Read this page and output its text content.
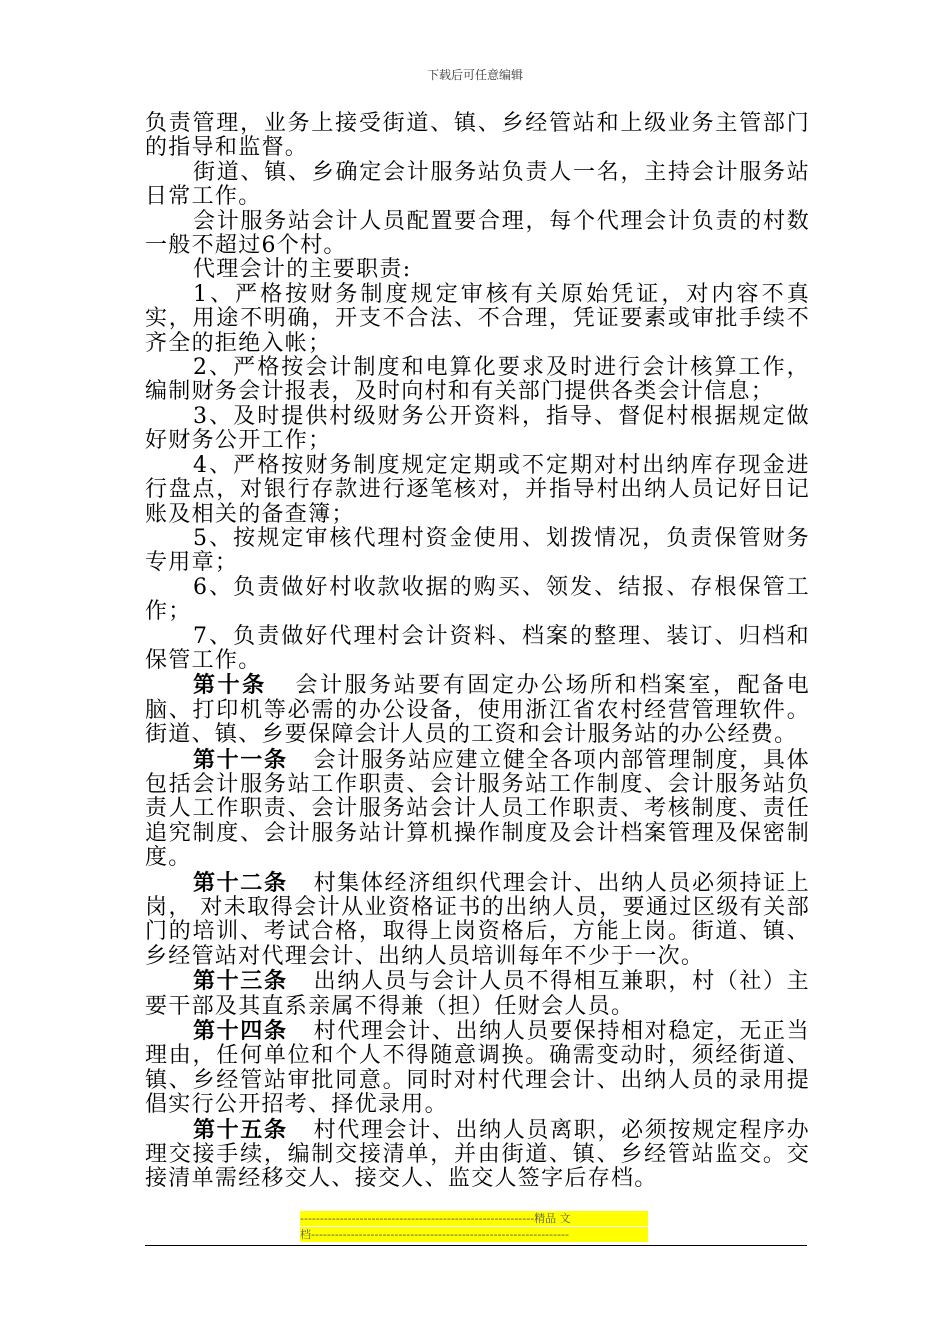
下载后可任意编辑

负责管理，业务上接受街道、镇、乡经管站和上级业务主管部门的指导和监督。

街道、镇、乡确定会计服务站负责人一名，主持会计服务站日常工作。

会计服务站会计人员配置要合理，每个代理会计负责的村数一般不超过6个村。

代理会计的主要职责:

1、严格按财务制度规定审核有关原始凭证，对内容不真实，用途不明确，开支不合法、不合理，凭证要素或审批手续不齐全的拒绝入帐；

2、严格按会计制度和电算化要求及时进行会计核算工作，编制财务会计报表，及时向村和有关部门提供各类会计信息；

3、及时提供村级财务公开资料，指导、督促村根据规定做好财务公开工作；

4、严格按财务制度规定定期或不定期对村出纳库存现金进行盘点，对银行存款进行逐笔核对，并指导村出纳人员记好日记账及相关的备查簿；

5、按规定审核代理村资金使用、划拨情况，负责保管财务专用章；

6、负责做好村收款收据的购买、领发、结报、存根保管工作；

7、负责做好代理村会计资料、档案的整理、装订、归档和保管工作。

第十条 会计服务站要有固定办公场所和档案室，配备电脑、打印机等必需的办公设备，使用浙江省农村经营管理软件。街道、镇、乡要保障会计人员的工资和会计服务站的办公经费。

第十一条 会计服务站应建立健全各项内部管理制度，具体包括会计服务站工作职责、会计服务站工作制度、会计服务站负责人工作职责、会计服务站会计人员工作职责、考核制度、责任追究制度、会计服务站计算机操作制度及会计档案管理及保密制度。

第十二条 村集体经济组织代理会计、出纳人员必须持证上岗， 对未取得会计从业资格证书的出纳人员，要通过区级有关部门的培训、考试合格，取得上岗资格后，方能上岗。街道、镇、乡经管站对代理会计、出纳人员培训每年不少于一次。

第十三条 出纳人员与会计人员不得相互兼职，村（社）主要干部及其直系亲属不得兼（担）任财会人员。

第十四条 村代理会计、出纳人员要保持相对稳定，无正当理由，任何单位和个人不得随意调换。确需变动时，须经街道、镇、乡经管站审批同意。同时对村代理会计、出纳人员的录用提倡实行公开招考、择优录用。

第十五条 村代理会计、出纳人员离职，必须按规定程序办理交接手续，编制交接清单，并由街道、镇、乡经管站监交。交接清单需经移交人、接交人、监交人签字后存档。

-----------------------------------------------------------精品 文
档-----------------------------------------------------------------
